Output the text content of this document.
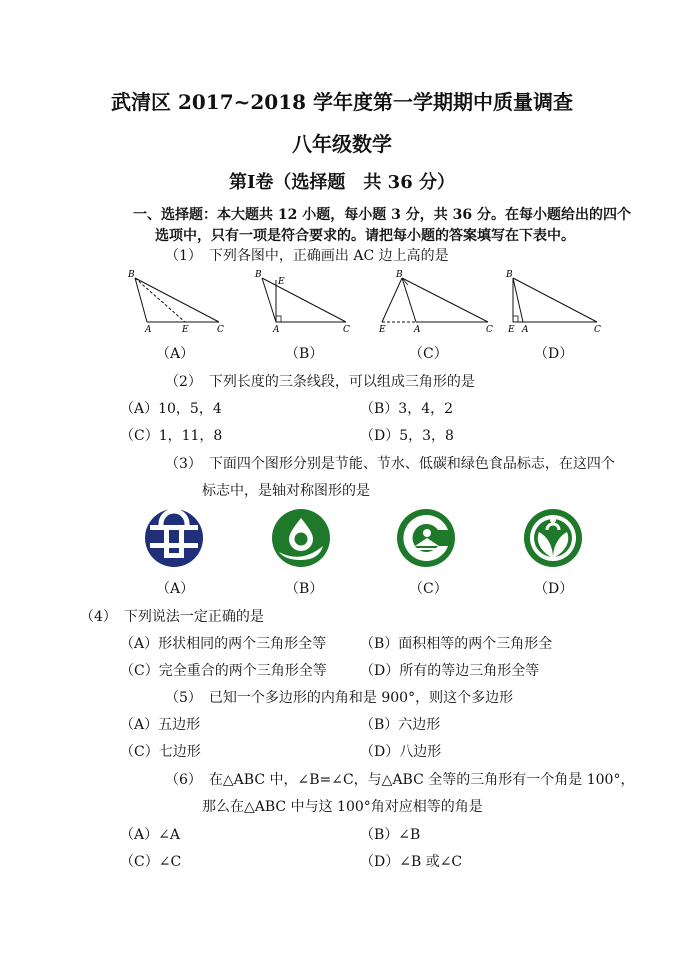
武清区 2017~2018 学年度第一学期期中质量调查
八年级数学
第Ⅰ卷（选择题　共 36 分）
一、选择题：本大题共 12 小题，每小题 3 分，共 36 分。在每小题给出的四个
选项中，只有一项是符合要求的。请把每小题的答案填写在下表中。
（1）　下列各图中，正确画出 AC 边上高的是
B
A	E	C
B
E
A	C
B
E	A	C
B
E A	C
（A）	（B）	（C）	（D）
（2）　下列长度的三条线段，可以组成三角形的是
（A）10，5，4	（B）3，4，2
（C）1，11，8	（D）5，3，8
（3）　下面四个图形分别是节能、节水、低碳和绿色食品标志，在这四个
标志中，是轴对称图形的是
（A）	（B）	（C）	（D）
（4）　下列说法一定正确的是
（A）形状相同的两个三角形全等 （B）面积相等的两个三角形全
（C）完全重合的两个三角形全等 （D）所有的等边三角形全等
（5）　已知一个多边形的内角和是 900°，则这个多边形
（A）五边形	（B）六边形
（C）七边形	（D）八边形
（6）　在△ABC 中，∠B=∠C，与△ABC 全等的三角形有一个角是 100°，
那么在△ABC 中与这 100°角对应相等的角是
（A）∠A	（B）∠B
（C）∠C	（D）∠B 或∠C
